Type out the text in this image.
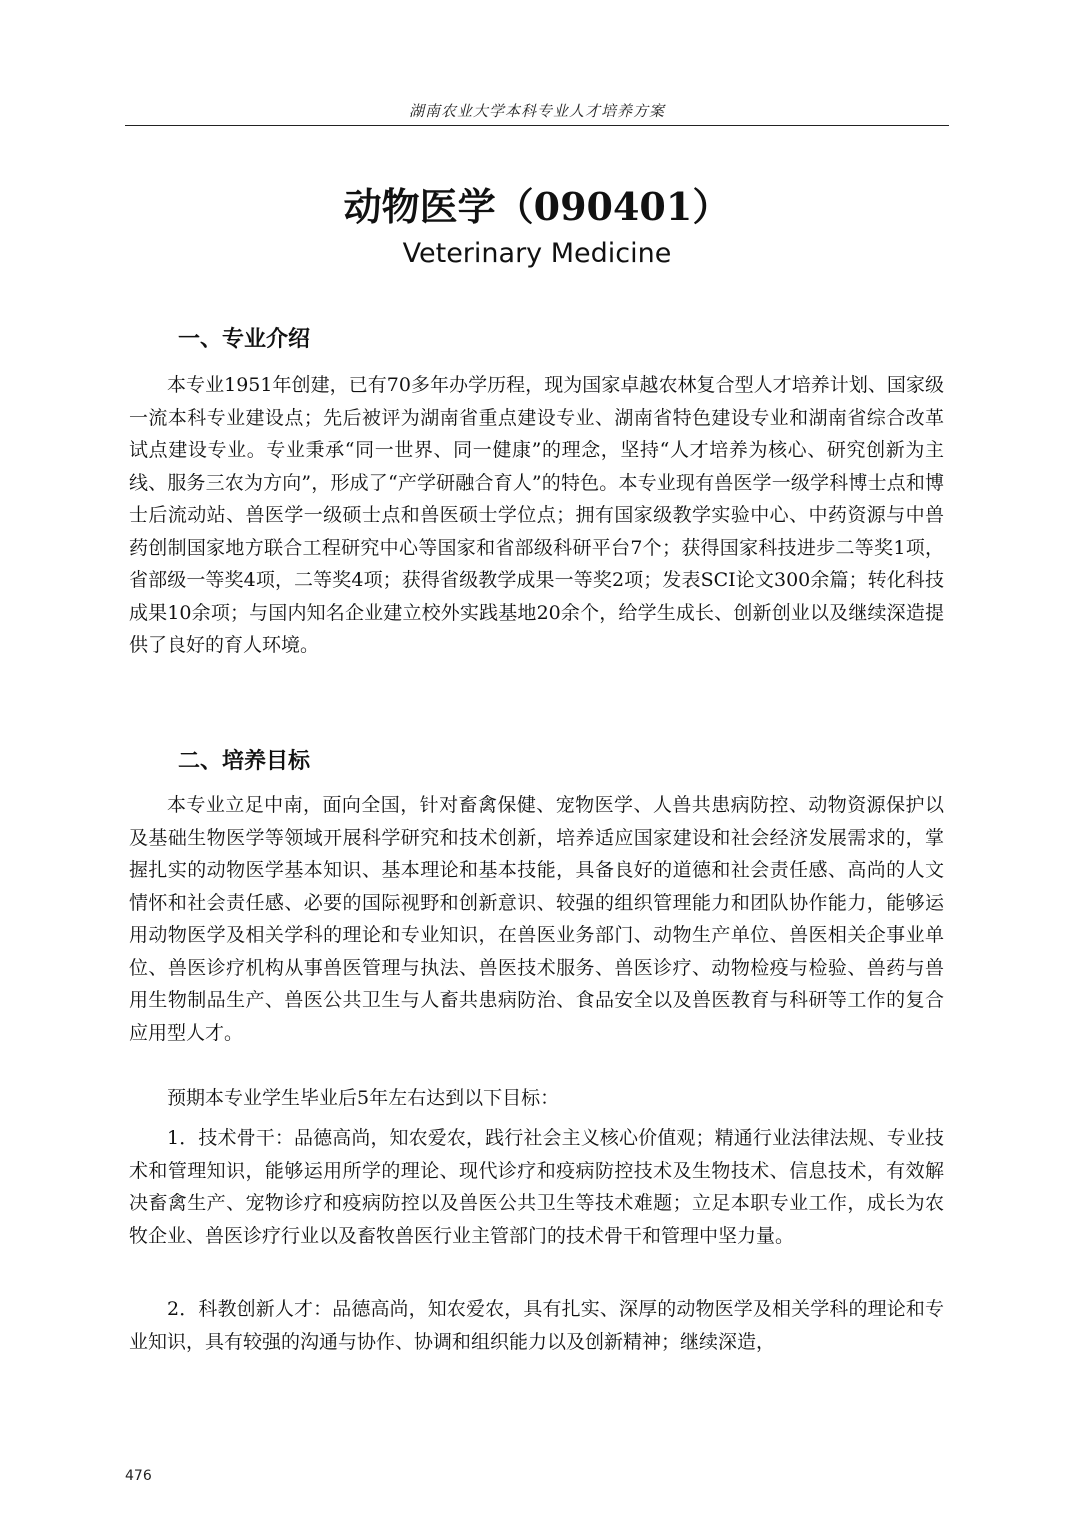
湖南农业大学本科专业人才培养方案
动物医学（090401）
Veterinary Medicine
一、专业介绍

本专业1951年创建，已有70多年办学历程，现为国家卓越农林复合型人才培养计划、国家级一流本科专业建设点；先后被评为湖南省重点建设专业、湖南省特色建设专业和湖南省综合改革试点建设专业。专业秉承“同一世界、同一健康”的理念，坚持“人才培养为核心、研究创新为主线、服务三农为方向”，形成了“产学研融合育人”的特色。本专业现有兽医学一级学科博士点和博士后流动站、兽医学一级硕士点和兽医硕士学位点；拥有国家级教学实验中心、中药资源与中兽药创制国家地方联合工程研究中心等国家和省部级科研平台7个；获得国家科技进步二等奖1项，省部级一等奖4项，二等奖4项；获得省级教学成果一等奖2项；发表SCI论文300余篇；转化科技成果10余项；与国内知名企业建立校外实践基地20余个，给学生成长、创新创业以及继续深造提供了良好的育人环境。

二、培养目标

本专业立足中南，面向全国，针对畜禽保健、宠物医学、人兽共患病防控、动物资源保护以及基础生物医学等领域开展科学研究和技术创新，培养适应国家建设和社会经济发展需求的，掌握扎实的动物医学基本知识、基本理论和基本技能，具备良好的道德和社会责任感、高尚的人文情怀和社会责任感、必要的国际视野和创新意识、较强的组织管理能力和团队协作能力，能够运用动物医学及相关学科的理论和专业知识，在兽医业务部门、动物生产单位、兽医相关企事业单位、兽医诊疗机构从事兽医管理与执法、兽医技术服务、兽医诊疗、动物检疫与检验、兽药与兽用生物制品生产、兽医公共卫生与人畜共患病防治、食品安全以及兽医教育与科研等工作的复合应用型人才。

预期本专业学生毕业后5年左右达到以下目标：

1．技术骨干：品德高尚，知农爱农，践行社会主义核心价值观；精通行业法律法规、专业技术和管理知识，能够运用所学的理论、现代诊疗和疫病防控技术及生物技术、信息技术，有效解决畜禽生产、宠物诊疗和疫病防控以及兽医公共卫生等技术难题；立足本职专业工作，成长为农牧企业、兽医诊疗行业以及畜牧兽医行业主管部门的技术骨干和管理中坚力量。

2．科教创新人才：品德高尚，知农爱农，具有扎实、深厚的动物医学及相关学科的理论和专业知识，具有较强的沟通与协作、协调和组织能力以及创新精神；继续深造，

476
